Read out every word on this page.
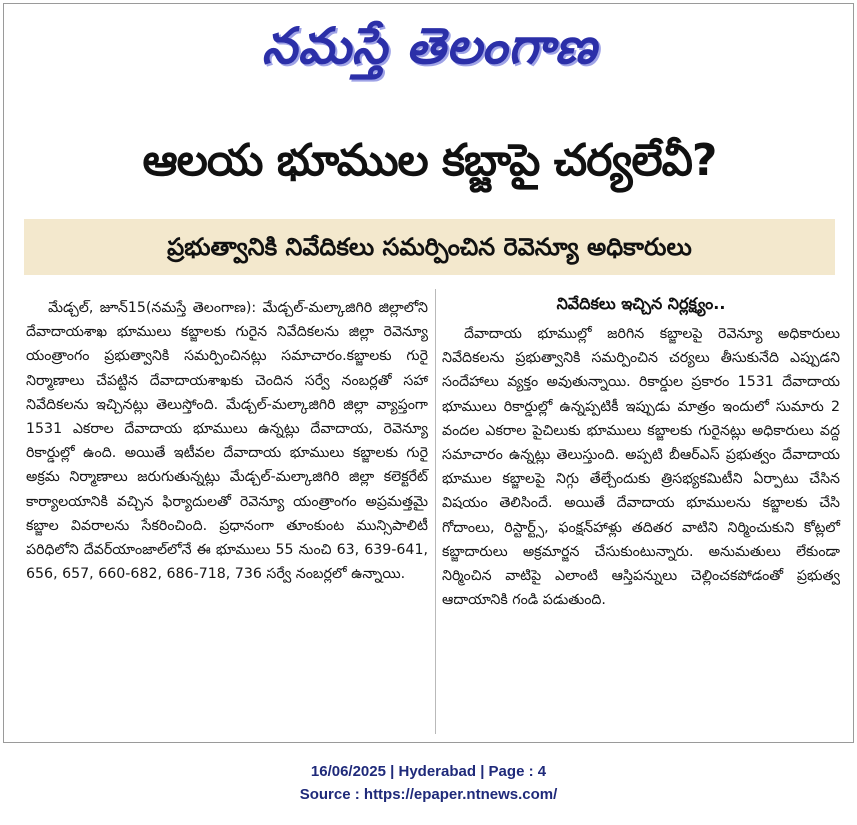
నమస్తే తెలంగాణ
ఆలయ భూముల కబ్జాపై చర్యలేవీ?
ప్రభుత్వానికి నివేదికలు సమర్పించిన రెవెన్యూ అధికారులు

మేడ్చల్, జూన్15(నమస్తే తెలంగాణ): మేడ్చల్-మల్కాజిగిరి జిల్లాలోని దేవాదాయశాఖ భూములు కబ్జాలకు గురైన నివేదికలను జిల్లా రెవెన్యూ యంత్రాంగం ప్రభుత్వానికి సమర్పించినట్లు సమాచారం.కబ్జాలకు గురై నిర్మాణాలు చేపట్టిన దేవాదాయశాఖకు చెందిన సర్వే నంబర్లతో సహా నివేదికలను ఇచ్చినట్లు తెలుస్తోంది. మేడ్చల్-మల్కాజిగిరి జిల్లా వ్యాప్తంగా 1531 ఎకరాల దేవాదాయ భూములు ఉన్నట్లు దేవాదాయ, రెవెన్యూ రికార్డుల్లో ఉంది. అయితే ఇటీవల దేవాదాయ భూములు కబ్జాలకు గురై అక్రమ నిర్మాణాలు జరుగుతున్నట్లు మేడ్చల్-మల్కాజిగిరి జిల్లా కలెక్టరేట్ కార్యాలయానికి వచ్చిన ఫిర్యాదులతో రెవెన్యూ యంత్రాంగం అప్రమత్తమై కబ్జాల వివరాలను సేకరించింది. ప్రధానంగా తూంకుంట మున్సిపాలిటీ పరిధిలోని దేవర్‌యాంజాల్‌లోనే ఈ భూములు 55 నుంచి 63, 639-641, 656, 657, 660-682, 686-718, 736 సర్వే నంబర్లలో ఉన్నాయి.

నివేదికలు ఇచ్చిన నిర్లక్ష్యం..

దేవాదాయ భూముల్లో జరిగిన కబ్జాలపై రెవెన్యూ అధికారులు నివేదికలను ప్రభుత్వానికి సమర్పించిన చర్యలు తీసుకునేది ఎప్పుడని సందేహాలు వ్యక్తం అవుతున్నాయి. రికార్డుల ప్రకారం 1531 దేవాదాయ భూములు రికార్డుల్లో ఉన్నప్పటికీ ఇప్పుడు మాత్రం ఇందులో సుమారు 2 వందల ఎకరాల పైచిలుకు భూములు కబ్జాలకు గురైనట్లు అధికారులు వద్ద సమాచారం ఉన్నట్లు తెలుస్తుంది. అప్పటి బీఆర్ఎస్ ప్రభుత్వం దేవాదాయ భూముల కబ్జాలపై నిగ్గు తేల్చేందుకు త్రిసభ్యకమిటీని ఏర్పాటు చేసిన విషయం తెలిసిందే. అయితే దేవాదాయ భూములను కబ్జాలకు చేసి గోదాంలు, రిస్టార్ట్స్, ఫంక్షన్‌హాళ్లు తదితర వాటిని నిర్మించుకుని కోట్లలో కబ్జాదారులు అక్రమార్జన చేసుకుంటున్నారు. అనుమతులు లేకుండా నిర్మించిన వాటిపై ఎలాంటి ఆస్తిపన్నులు చెల్లించకపోడంతో ప్రభుత్వ ఆదాయానికి గండి పడుతుంది.

16/06/2025 | Hyderabad | Page : 4
Source : https://epaper.ntnews.com/
